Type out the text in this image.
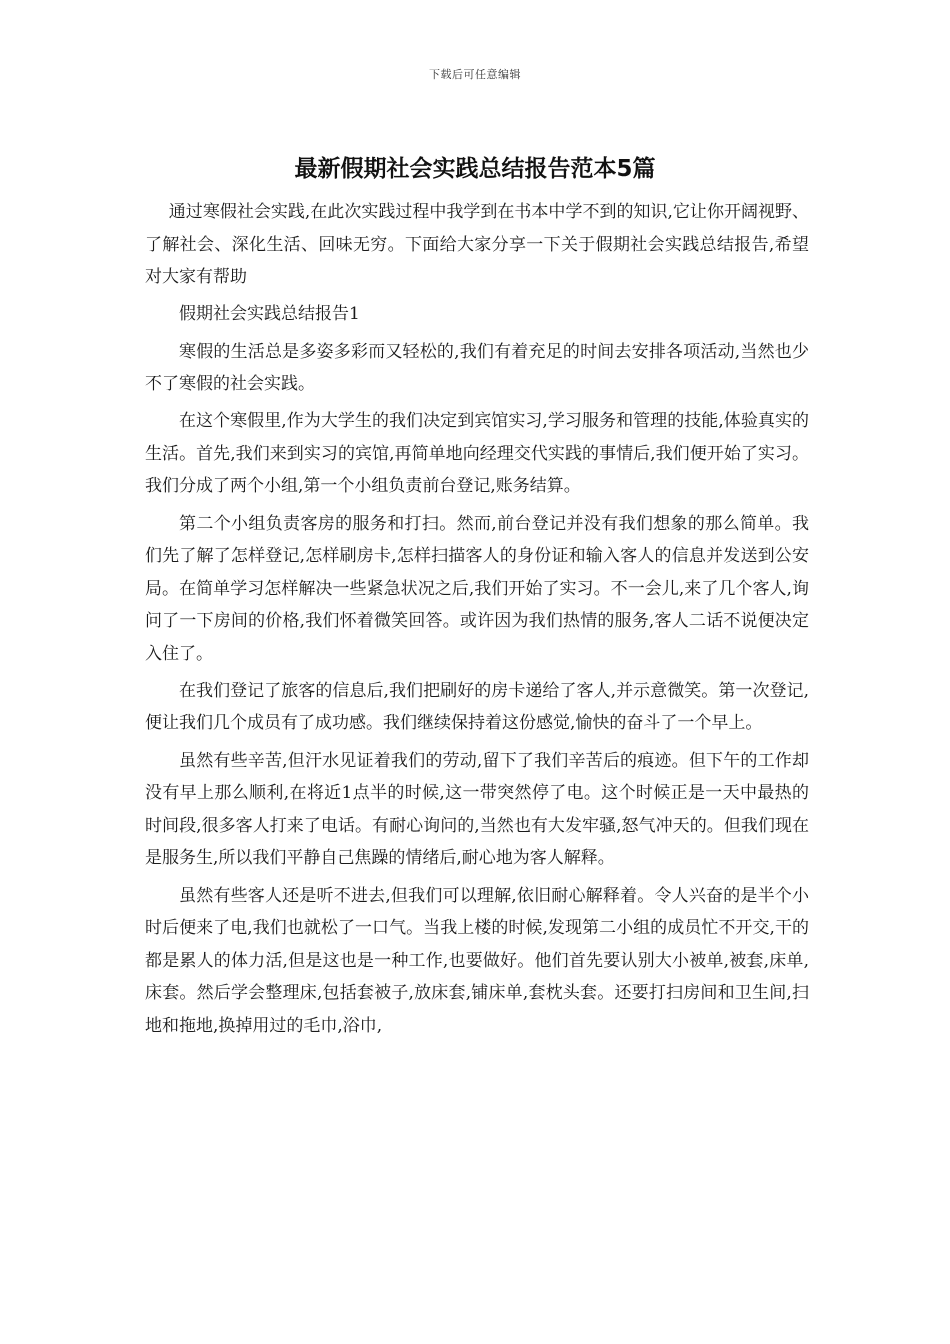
下载后可任意编辑
最新假期社会实践总结报告范本5篇

通过寒假社会实践,在此次实践过程中我学到在书本中学不到的知识,它让你开阔视野、了解社会、深化生活、回味无穷。下面给大家分享一下关于假期社会实践总结报告,希望对大家有帮助

假期社会实践总结报告1

寒假的生活总是多姿多彩而又轻松的,我们有着充足的时间去安排各项活动,当然也少不了寒假的社会实践。

在这个寒假里,作为大学生的我们决定到宾馆实习,学习服务和管理的技能,体验真实的生活。首先,我们来到实习的宾馆,再简单地向经理交代实践的事情后,我们便开始了实习。我们分成了两个小组,第一个小组负责前台登记,账务结算。

第二个小组负责客房的服务和打扫。然而,前台登记并没有我们想象的那么简单。我们先了解了怎样登记,怎样刷房卡,怎样扫描客人的身份证和输入客人的信息并发送到公安局。在简单学习怎样解决一些紧急状况之后,我们开始了实习。不一会儿,来了几个客人,询问了一下房间的价格,我们怀着微笑回答。或许因为我们热情的服务,客人二话不说便决定入住了。

在我们登记了旅客的信息后,我们把刷好的房卡递给了客人,并示意微笑。第一次登记,便让我们几个成员有了成功感。我们继续保持着这份感觉,愉快的奋斗了一个早上。

虽然有些辛苦,但汗水见证着我们的劳动,留下了我们辛苦后的痕迹。但下午的工作却没有早上那么顺利,在将近1点半的时候,这一带突然停了电。这个时候正是一天中最热的时间段,很多客人打来了电话。有耐心询问的,当然也有大发牢骚,怒气冲天的。但我们现在是服务生,所以我们平静自己焦躁的情绪后,耐心地为客人解释。

虽然有些客人还是听不进去,但我们可以理解,依旧耐心解释着。令人兴奋的是半个小时后便来了电,我们也就松了一口气。当我上楼的时候,发现第二小组的成员忙不开交,干的都是累人的体力活,但是这也是一种工作,也要做好。他们首先要认别大小被单,被套,床单,床套。然后学会整理床,包括套被子,放床套,铺床单,套枕头套。还要打扫房间和卫生间,扫地和拖地,换掉用过的毛巾,浴巾,
